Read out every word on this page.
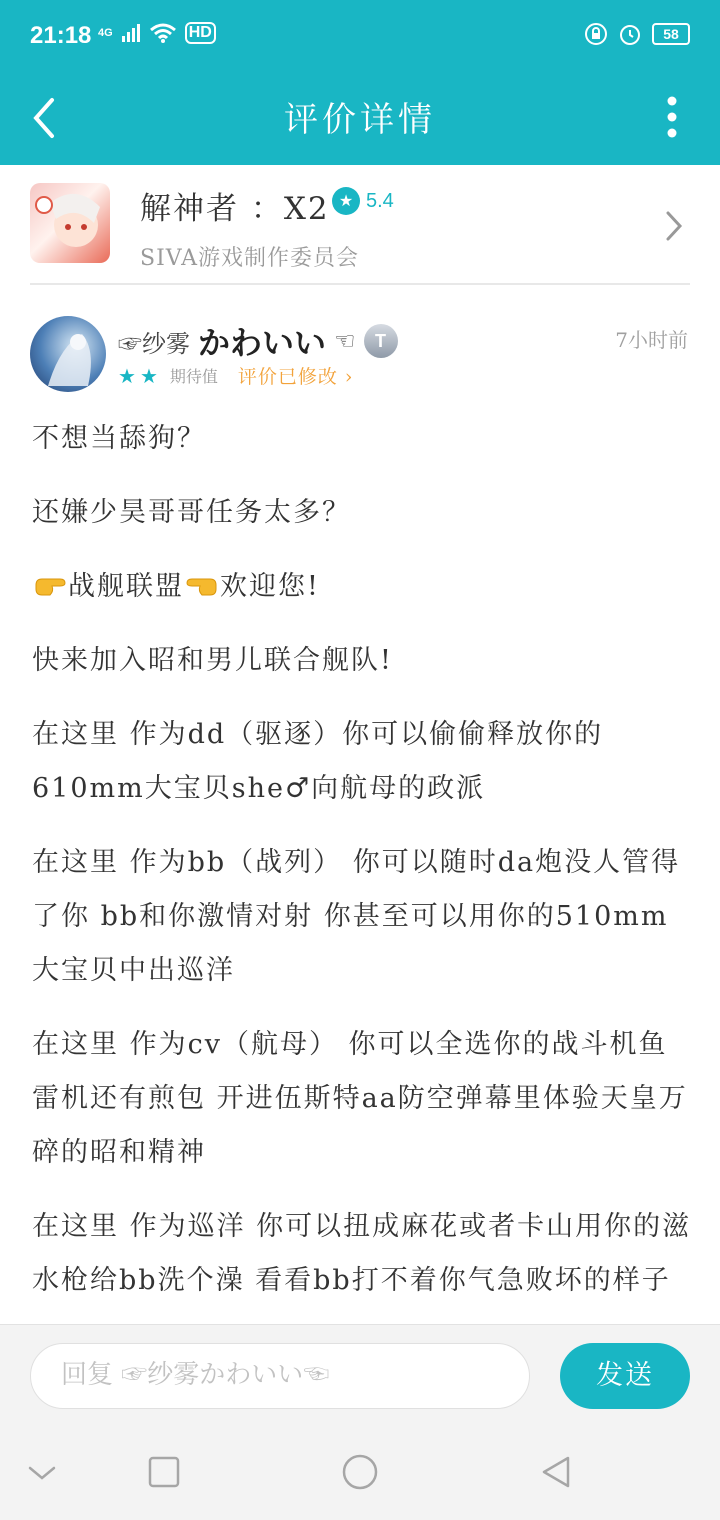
21:18 4G	HD	58
评价详情
解神者 ：X2 ★ 5.4
SIVA游戏制作委员会
☞纱雾 かわいい ☜	T	7小时前
★ ★ 期待值 评价已修改 ›

不想当舔狗？

还嫌少昊哥哥任务太多？

战舰联盟 欢迎您!

快来加入昭和男儿联合舰队!

在这里 作为dd（驱逐）你可以偷偷释放你的610mm大宝贝she♂向航母的政派

在这里 作为bb（战列） 你可以随时da炮没人管得了你 bb和你激情对射 你甚至可以用你的510mm大宝贝中出巡洋

在这里 作为cv（航母） 你可以全选你的战斗机鱼雷机还有煎包 开进伍斯特aa防空弹幕里体验天皇万碎的昭和精神

在这里 作为巡洋 你可以扭成麻花或者卡山用你的滋水枪给bb洗个澡 看看bb打不着你气急败坏的样子

回复 ☞纱雾かわいい☜	发送
